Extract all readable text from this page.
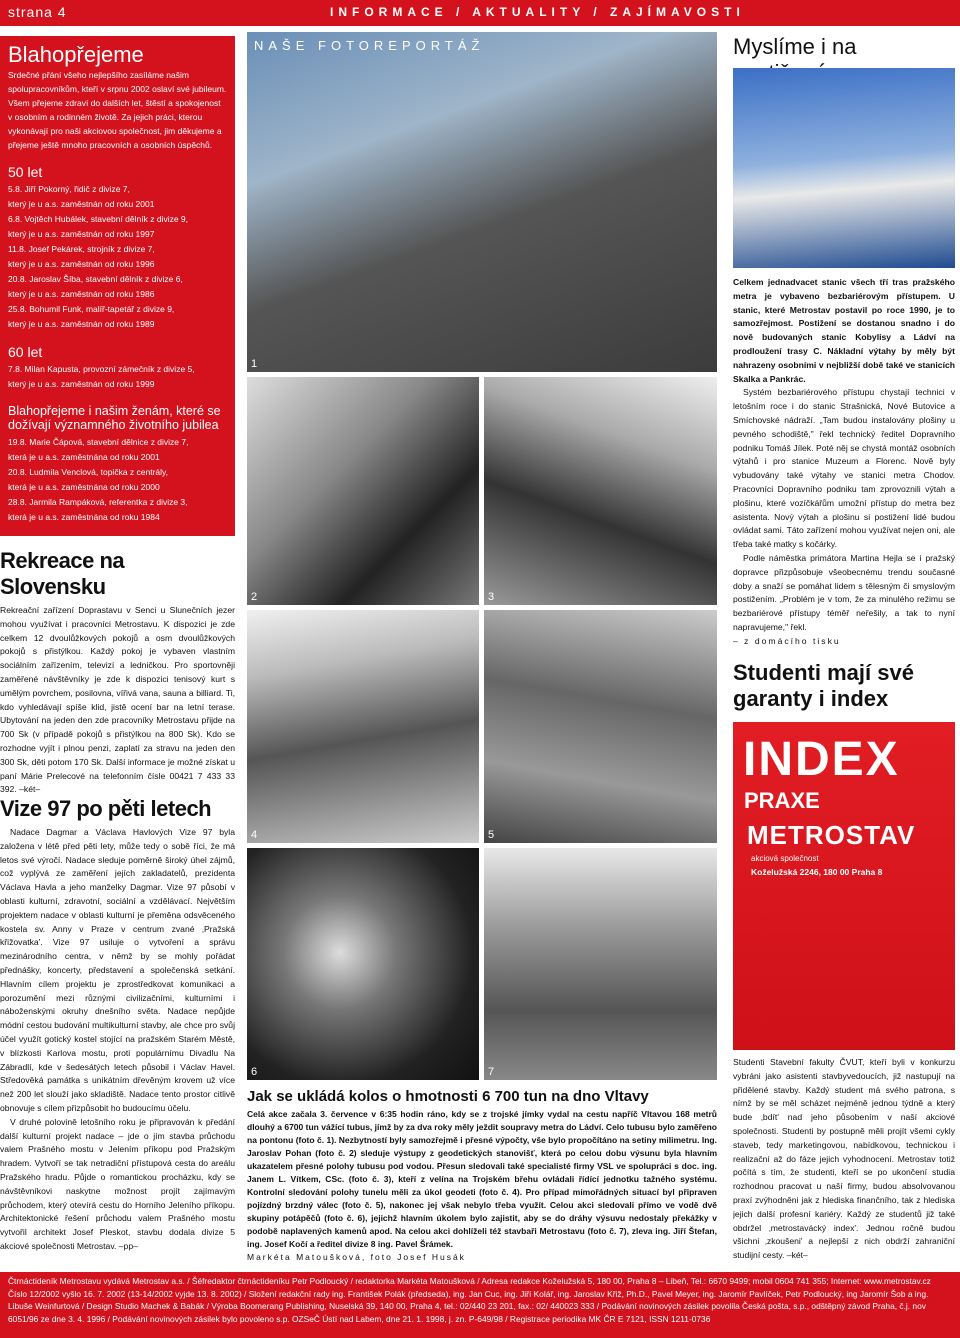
strana 4	INFORMACE / AKTUALITY / ZAJÍMAVOSTI
Blahopřejeme
Srdečné přání všeho nejlepšího zasíláme našim spolupracovníkům, kteří v srpnu 2002 oslaví své jubileum. Všem přejeme zdraví do dalších let, štěstí a spokojenost v osobním a rodinném životě. Za jejich práci, kterou vykonávají pro naši akciovou společnost, jim děkujeme a přejeme ještě mnoho pracovních a osobních úspěchů.
50 let
5.8. Jiří Pokorný, řidič z divize 7,
který je u a.s. zaměstnán od roku 2001
6.8. Vojtěch Hubálek, stavební dělník z divize 9,
který je u a.s. zaměstnán od roku 1997
11.8. Josef Pekárek, strojník z divize 7,
který je u a.s. zaměstnán od roku 1996
20.8. Jaroslav Šíba, stavební dělník z divize 6,
který je u a.s. zaměstnán od roku 1986
25.8. Bohumil Funk, malíř-tapetář z divize 9,
který je u a.s. zaměstnán od roku 1989
60 let
7.8. Milan Kapusta, provozní zámečník z divize 5,
který je u a.s. zaměstnán od roku 1999
Blahopřejeme i našim ženám, které se dožívají významného životního jubilea
19.8. Marie Čápová, stavební dělnice z divize 7,
která je u a.s. zaměstnána od roku 2001
20.8. Ludmila Venclová, topička z centrály,
která je u a.s. zaměstnána od roku 2000
28.8. Jarmila Rampáková, referentka z divize 3,
která je u a.s. zaměstnána od roku 1984
Rekreace na Slovensku
Rekreační zařízení Doprastavu v Senci u Slunečních jezer mohou využívat i pracovníci Metrostavu. K dispozici je zde celkem 12 dvoulůžkových pokojů a osm dvoulůžkových pokojů s přistýlkou. Každý pokoj je vybaven vlastním sociálním zařízením, televizí a ledničkou. Pro sportovněji zaměřené návštěvníky je zde k dispozici tenisový kurt s umělým povrchem, posilovna, vířivá vana, sauna a billiard. Ti, kdo vyhledávají spíše klid, jistě ocení bar na letní terase. Ubytování na jeden den zde pracovníky Metrostavu přijde na 700 Sk (v případě pokojů s přistýlkou na 800 Sk). Kdo se rozhodne vyjít i plnou penzi, zaplatí za stravu na jeden den 300 Sk, děti potom 170 Sk. Další informace je možné získat u paní Márie Prelecové na telefonním čísle 00421 7 433 33 392. –két–
Vize 97 po pěti letech

Nadace Dagmar a Václava Havlových Vize 97 byla založena v létě před pěti lety, může tedy o sobě říci, že má letos své výročí. Nadace sleduje poměrně široký úhel zájmů, což vyplývá ze zaměření jejích zakladatelů, prezidenta Václava Havla a jeho manželky Dagmar. Vize 97 působí v oblasti kulturní, zdravotní, sociální a vzdělávací. Největším projektem nadace v oblasti kulturní je přeměna odsvěceného kostela sv. Anny v Praze v centrum zvané ‚Pražská křižovatka'. Vize 97 usiluje o vytvoření a správu mezinárodního centra, v němž by se mohly pořádat přednášky, koncerty, představení a společenská setkání. Hlavním cílem projektu je zprostředkovat komunikaci a porozumění mezi různými civilizačními, kulturními i náboženskými okruhy dnešního světa. Nadace nepůjde módní cestou budování multikulturní stavby, ale chce pro svůj účel využít gotický kostel stojící na pražském Starém Městě, v blízkosti Karlova mostu, proti populárnímu Divadlu Na Zábradlí, kde v šedesátých letech působil i Václav Havel. Středověká památka s unikátním dřevěným krovem už více než 200 let slouží jako skladiště. Nadace tento prostor citlivě obnovuje s cílem přizpůsobit ho budoucímu účelu.

V druhé polovině letošního roku je připravován k předání další kulturní projekt nadace – jde o jím stavba průchodu valem Prašného mostu v Jelením příkopu pod Pražským hradem. Vytvoří se tak netradiční přístupová cesta do areálu Pražského hradu. Půjde o romantickou procházku, kdy se návštěvníkovi naskytne možnost projít zajímavým průchodem, který otevírá cestu do Horního Jeleního příkopu. Architektonické řešení průchodu valem Prašného mostu vytvořil architekt Josef Pleskot, stavbu dodala divize 5 akciové společnosti Metrostav. –pp–

NAŠE FOTOREPORTÁŽ
1
2	3
4	5
6	7
Jak se ukládá kolos o hmotnosti 6 700 tun na dno Vltavy
Celá akce začala 3. července v 6:35 hodin ráno, kdy se z trojské jímky vydal na cestu napříč Vltavou 168 metrů dlouhý a 6700 tun vážící tubus, jímž by za dva roky měly ježdit soupravy metra do Ládví. Celo tubusu bylo zaměřeno na pontonu (foto č. 1). Nezbytností byly samozřejmě i přesné výpočty, vše bylo propočítáno na setiny milimetru. Ing. Jaroslav Pohan (foto č. 2) sleduje výstupy z geodetických stanovišť, která po celou dobu výsunu byla hlavním ukazatelem přesné polohy tubusu pod vodou. Přesun sledovali také specialisté firmy VSL ve spolupráci s doc. ing. Janem L. Vítkem, CSc. (foto č. 3), kteří z velína na Trojském břehu ovládali řídící jednotku tažného systému. Kontrolní sledování polohy tunelu měli za úkol geodeti (foto č. 4). Pro případ mimořádných situací byl připraven pojízdný brzdný válec (foto č. 5), nakonec jej však nebylo třeba využít. Celou akci sledovali přímo ve vodě dvě skupiny potápěčů (foto č. 6), jejichž hlavním úkolem bylo zajistit, aby se do dráhy výsuvu nedostaly překážky v podobě naplavených kamenů apod. Na celou akci dohlíželi též stavbaři Metrostavu (foto č. 7), zleva ing. Jiří Štefan, ing. Josef Kočí a ředitel divize 8 ing. Pavel Šrámek.
Markéta Matoušková, foto Josef Husák
Myslíme i na

Celkem jednadvacet stanic všech tří tras pražského metra je vybaveno bezbariérovým přístupem. U stanic, které Metrostav postavil po roce 1990, je to samozřejmost. Postižení se dostanou snadno i do nově budovaných stanic Kobylisy a Ládví na prodloužení trasy C. Nákladní výtahy by měly být nahrazeny osobními v nejbližší době také ve stanicích Skalka a Pankrác.

Systém bezbariérového přístupu chystají technici v letošním roce i do stanic Strašnická, Nové Butovice a Smíchovské nádraží. „Tam budou instalovány plošiny u pevného schodiště," řekl technický ředitel Dopravního podniku Tomáš Jílek. Poté něj se chystá montáž osobních výtahů i pro stanice Muzeum a Florenc. Nově byly vybudovány také výtahy ve stanici metra Chodov. Pracovníci Dopravního podniku tam zprovoznili výtah a plošinu, které vozíčkářům umožní přístup do metra bez asistenta. Nový výtah a plošinu si postižení lidé budou ovládat sami. Táto zařízení mohou využívat nejen oni, ale třeba také matky s kočárky.

Podle náměstka primátora Martina Hejla se i pražský dopravce přizpůsobuje všeobecnému trendu současné doby a snaží se pomáhat lidem s tělesným či smyslovým postižením. „Problém je v tom, že za minulého režimu se bezbariérové přístupy téměř neřešily, a tak to nyní napravujeme," řekl.

– z domácího tisku

Studenti mají své garanty i index
INDEX
PRAXE
METROSTAV
akciová společnost
Koželužská 2246, 180 00 Praha 8
Studenti Stavební fakulty ČVUT, kteří byli v konkurzu vybráni jako asistenti stavbyvedoucích, již nastupují na přidělené stavby. Každý student má svého patrona, s nímž by se měl scházet nejméně jednou týdně a který bude ‚bdít' nad jeho působením v naší akciové společnosti. Studenti by postupně měli projít všemi cykly staveb, tedy marketingovou, nabídkovou, technickou i realizační až do fáze jejich vyhodnocení. Metrostav totiž počítá s tím, že studenti, kteří se po ukončení studia rozhodnou pracovat u naší firmy, budou absolvovanou praxí zvýhodněni jak z hlediska finančního, tak z hlediska jejich další profesní kariéry. Každý ze studentů již také obdržel ‚metrostavácký index'. Jednou ročně budou všichni ‚zkoušeni' a nejlepší z nich obdrží zahraniční studijní cesty. –két–
Čtrnáctideník Metrostavu vydává Metrostav a.s. / Šéfredaktor čtrnáctideníku Petr Podloucký / redaktorka Markéta Matoušková / Adresa redakce Koželužská 5, 180 00, Praha 8 – Libeň, Tel.: 6670 9499; mobil 0604 741 355; Internet: www.metrostav.cz Číslo 12/2002 vyšlo 16. 7. 2002 (13-14/2002 vyjde 13. 8. 2002) / Složení redakční rady ing. František Polák (předseda), ing. Jan Cuc, ing. Jiří Kolář, ing. Jaroslav Křiž, Ph.D., Pavel Meyer, ing. Jaromír Pavlíček, Petr Podloucký, ing Jaromír Šob a ing. Libuše Weinfurtová / Design Studio Machek & Babák / Výroba Boomerang Publishing, Nuselská 39, 140 00, Praha 4, tel.: 02/440 23 201, fax.: 02/ 440023 333 / Podávání novinových zásilek povolila Česká pošta, s.p., odštěpný závod Praha, č.j. nov 6051/96 ze dne 3. 4. 1996 / Podávání novinových zásilek bylo povoleno s.p. OZSeČ Ústí nad Labem, dne 21. 1. 1998, j. zn. P-649/98 / Registrace periodika MK ČR E 7121, ISSN 1211-0736
